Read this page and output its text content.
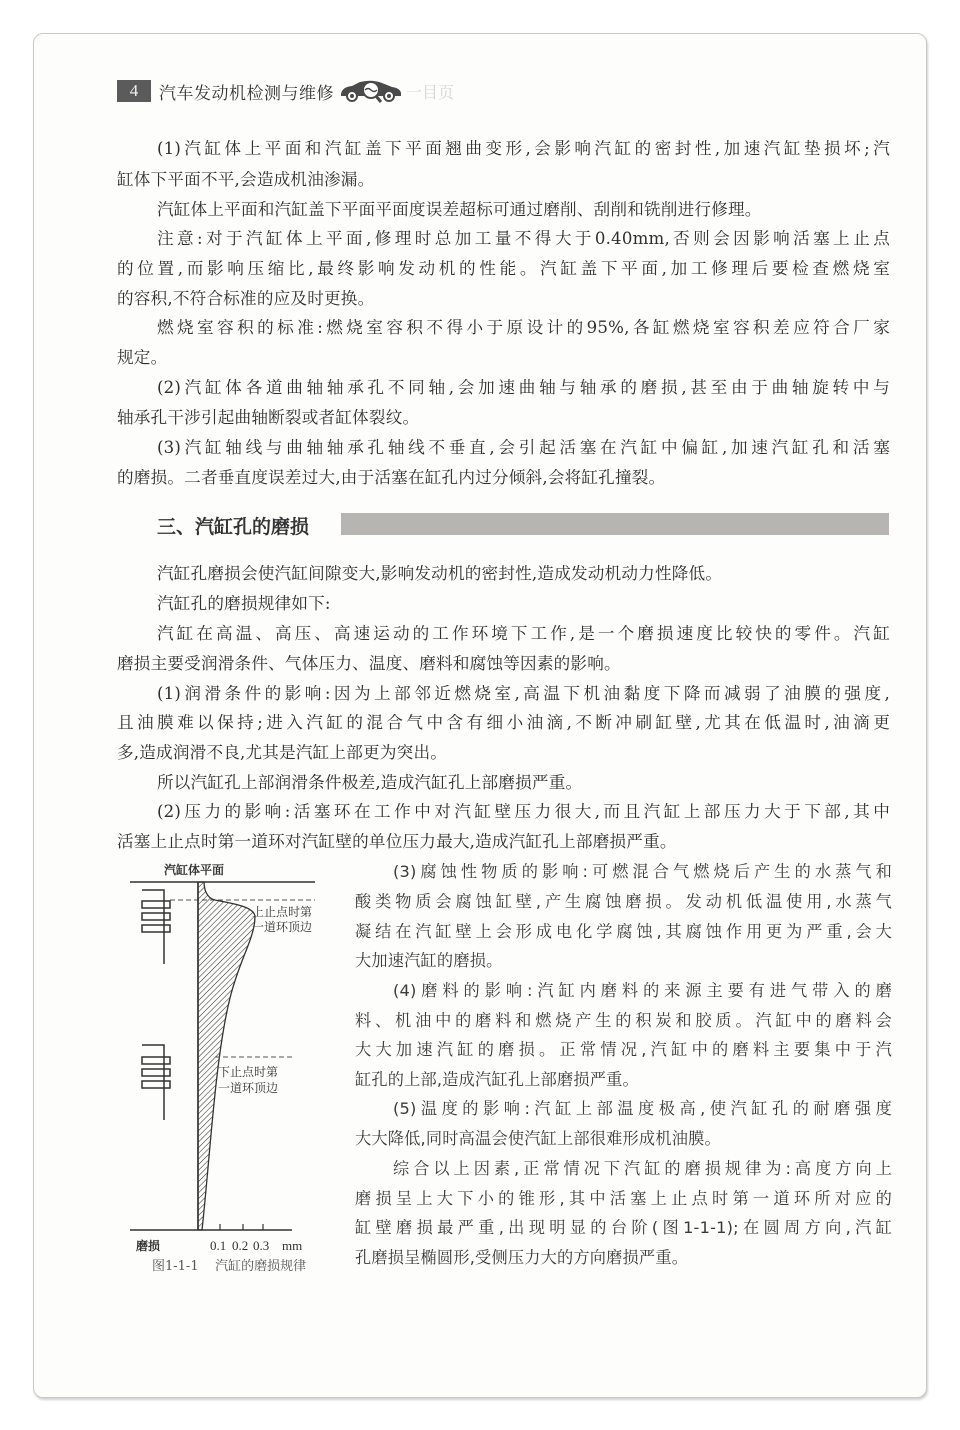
4	汽车发动机检测与维修	一目页
(1)汽缸体上平面和汽缸盖下平面翘曲变形,会影响汽缸的密封性,加速汽缸垫损坏;汽
缸体下平面不平,会造成机油渗漏。
汽缸体上平面和汽缸盖下平面平面度误差超标可通过磨削、刮削和铣削进行修理。
注意:对于汽缸体上平面,修理时总加工量不得大于0.40mm,否则会因影响活塞上止点
的位置,而影响压缩比,最终影响发动机的性能。汽缸盖下平面,加工修理后要检查燃烧室
的容积,不符合标准的应及时更换。
燃烧室容积的标准:燃烧室容积不得小于原设计的95%,各缸燃烧室容积差应符合厂家
规定。
(2)汽缸体各道曲轴轴承孔不同轴,会加速曲轴与轴承的磨损,甚至由于曲轴旋转中与
轴承孔干涉引起曲轴断裂或者缸体裂纹。
(3)汽缸轴线与曲轴轴承孔轴线不垂直,会引起活塞在汽缸中偏缸,加速汽缸孔和活塞
的磨损。二者垂直度误差过大,由于活塞在缸孔内过分倾斜,会将缸孔撞裂。
三、汽缸孔的磨损
汽缸孔磨损会使汽缸间隙变大,影响发动机的密封性,造成发动机动力性降低。
汽缸孔的磨损规律如下:
汽缸在高温、高压、高速运动的工作环境下工作,是一个磨损速度比较快的零件。汽缸
磨损主要受润滑条件、气体压力、温度、磨料和腐蚀等因素的影响。
(1)润滑条件的影响:因为上部邻近燃烧室,高温下机油黏度下降而减弱了油膜的强度,
且油膜难以保持;进入汽缸的混合气中含有细小油滴,不断冲刷缸壁,尤其在低温时,油滴更
多,造成润滑不良,尤其是汽缸上部更为突出。
所以汽缸孔上部润滑条件极差,造成汽缸孔上部磨损严重。
(2)压力的影响:活塞环在工作中对汽缸壁压力很大,而且汽缸上部压力大于下部,其中
活塞上止点时第一道环对汽缸壁的单位压力最大,造成汽缸孔上部磨损严重。
(3)腐蚀性物质的影响:可燃混合气燃烧后产生的水蒸气和
酸类物质会腐蚀缸壁,产生腐蚀磨损。发动机低温使用,水蒸气
凝结在汽缸壁上会形成电化学腐蚀,其腐蚀作用更为严重,会大
大加速汽缸的磨损。
(4)磨料的影响:汽缸内磨料的来源主要有进气带入的磨
料、机油中的磨料和燃烧产生的积炭和胶质。汽缸中的磨料会
大大加速汽缸的磨损。正常情况,汽缸中的磨料主要集中于汽
缸孔的上部,造成汽缸孔上部磨损严重。
(5)温度的影响:汽缸上部温度极高,使汽缸孔的耐磨强度
大大降低,同时高温会使汽缸上部很难形成机油膜。
综合以上因素,正常情况下汽缸的磨损规律为:高度方向上
磨损呈上大下小的锥形,其中活塞上止点时第一道环所对应的
缸壁磨损最严重,出现明显的台阶(图1-1-1);在圆周方向,汽缸
孔磨损呈椭圆形,受侧压力大的方向磨损严重。
汽缸体平面
上止点时第
一道环顶边
下止点时第
一道环顶边
磨损	0.1 0.2 0.3 mm
图1-1-1    汽缸的磨损规律
